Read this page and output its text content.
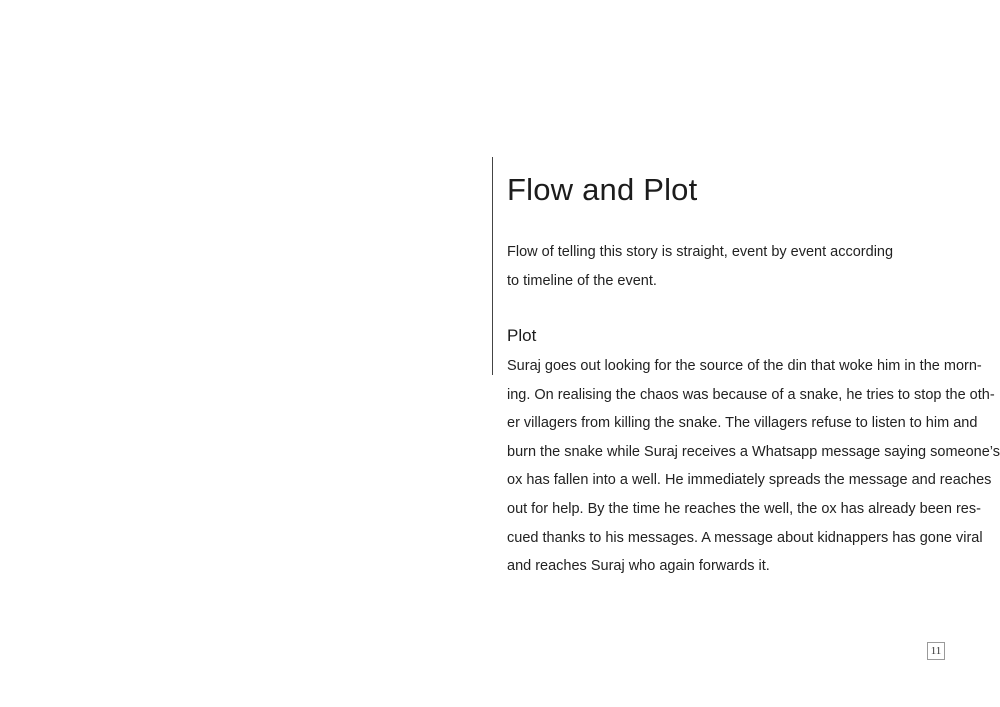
Flow and Plot

Flow of telling this story is straight, event by event according to timeline of the event.

Plot

Suraj goes out looking for the source of the din that woke him in the morn-
ing. On realising the chaos was because of a snake, he tries to stop the oth-
er villagers from killing the snake. The villagers refuse to listen to him and
burn the snake while Suraj receives a Whatsapp message saying someone’s
ox has fallen into a well. He immediately spreads the message and reaches
out for help. By the time he reaches the well, the ox has already been res-
cued thanks to his messages. A message about kidnappers has gone viral
and reaches Suraj who again forwards it.

11
